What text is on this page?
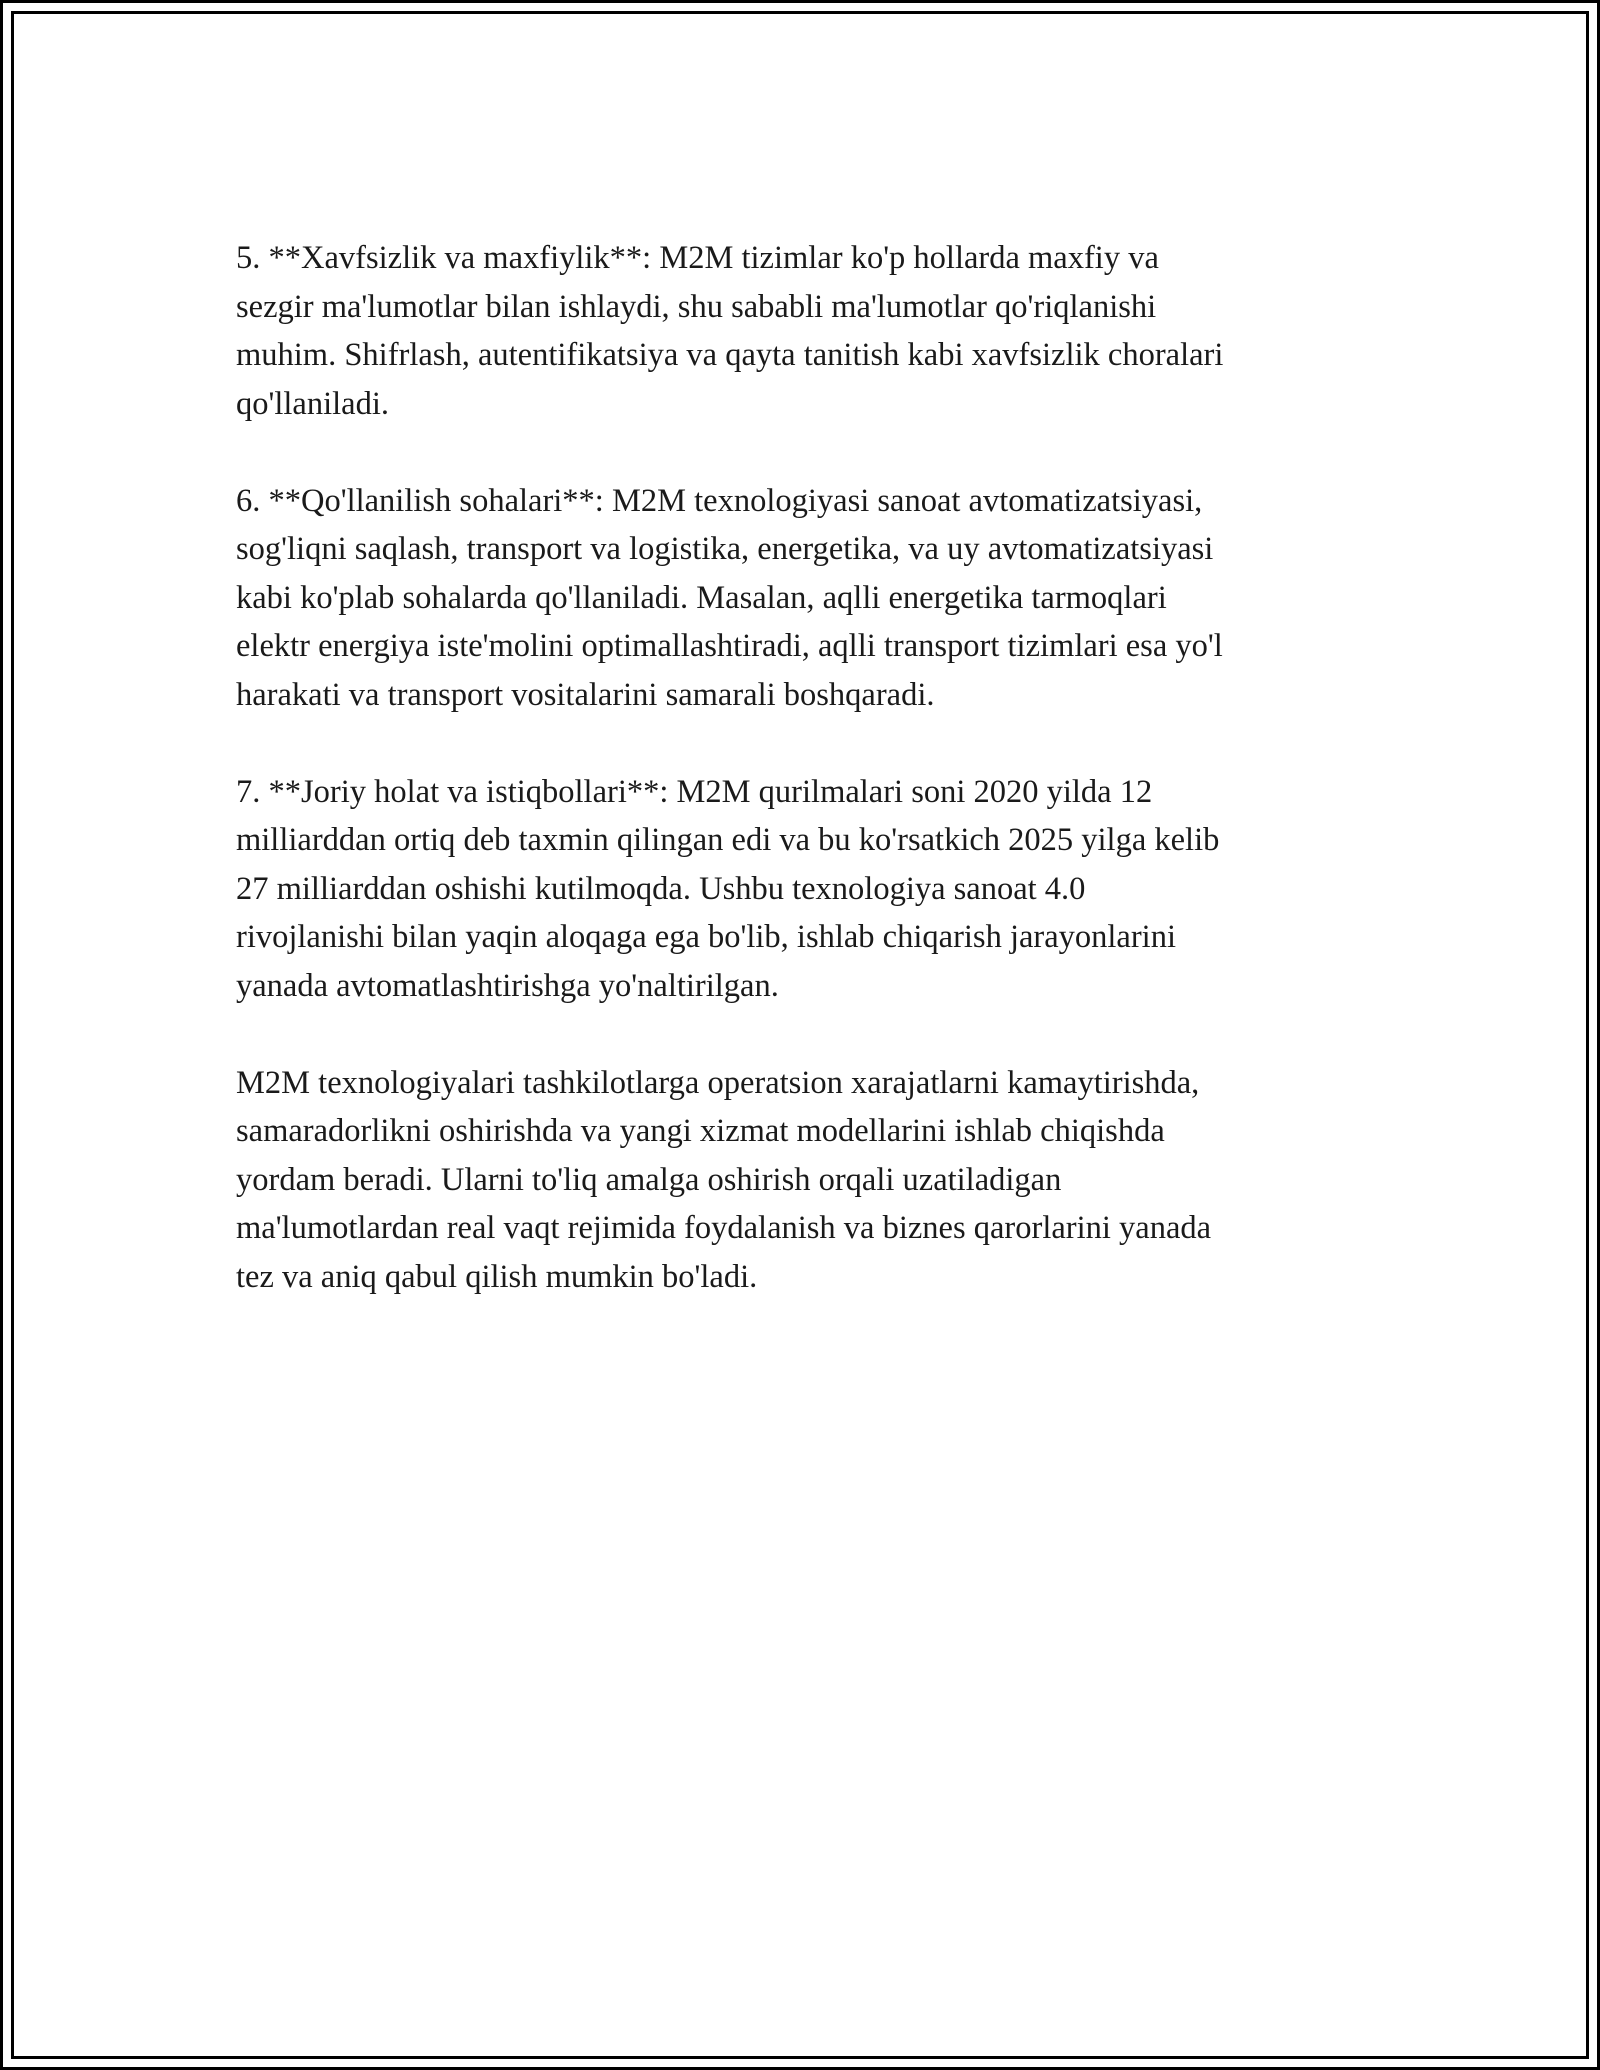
5. **Xavfsizlik va maxfiylik**: M2M tizimlar ko'p hollarda maxfiy va
sezgir ma'lumotlar bilan ishlaydi, shu sababli ma'lumotlar qo'riqlanishi
muhim. Shifrlash, autentifikatsiya va qayta tanitish kabi xavfsizlik choralari
qo'llaniladi.

6. **Qo'llanilish sohalari**: M2M texnologiyasi sanoat avtomatizatsiyasi,
sog'liqni saqlash, transport va logistika, energetika, va uy avtomatizatsiyasi
kabi ko'plab sohalarda qo'llaniladi. Masalan, aqlli energetika tarmoqlari
elektr energiya iste'molini optimallashtiradi, aqlli transport tizimlari esa yo'l
harakati va transport vositalarini samarali boshqaradi.

7. **Joriy holat va istiqbollari**: M2M qurilmalari soni 2020 yilda 12
milliarddan ortiq deb taxmin qilingan edi va bu ko'rsatkich 2025 yilga kelib
27 milliarddan oshishi kutilmoqda. Ushbu texnologiya sanoat 4.0
rivojlanishi bilan yaqin aloqaga ega bo'lib, ishlab chiqarish jarayonlarini
yanada avtomatlashtirishga yo'naltirilgan.

M2M texnologiyalari tashkilotlarga operatsion xarajatlarni kamaytirishda,
samaradorlikni oshirishda va yangi xizmat modellarini ishlab chiqishda
yordam beradi. Ularni to'liq amalga oshirish orqali uzatiladigan
ma'lumotlardan real vaqt rejimida foydalanish va biznes qarorlarini yanada
tez va aniq qabul qilish mumkin bo'ladi.
